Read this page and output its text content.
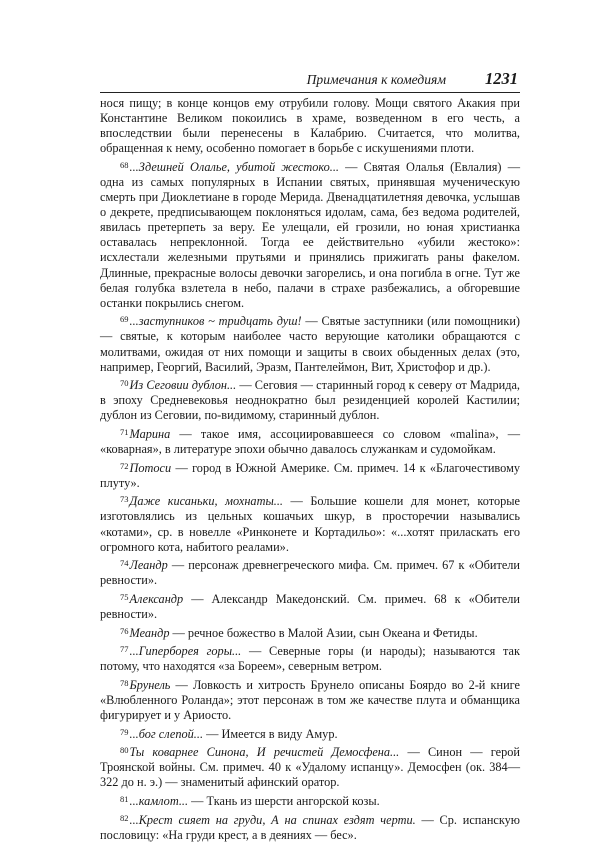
Примечания к комедиям 1231

нося пищу; в конце концов ему отрубили голову. Мощи святого Акакия при Константине Великом покоились в храме, возведенном в его честь, а впоследствии были перенесены в Калабрию. Считается, что молитва, обращенная к нему, особенно помогает в борьбе с искушениями плоти.

$^{68}$...Здешней Олалье, убитой жестоко... — Святая Олалья (Евлалия) — одна из самых популярных в Испании святых, принявшая мученическую смерть при Диоклетиане в городе Мерида. Двенадцатилетняя девочка, услышав о декрете, предписывающем поклоняться идолам, сама, без ведома родителей, явилась претерпеть за веру. Ее улещали, ей грозили, но юная христианка оставалась непреклонной. Тогда ее действительно «убили жестоко»: исхлестали железными прутьями и принялись прижигать раны факелом. Длинные, прекрасные волосы девочки загорелись, и она погибла в огне. Тут же белая голубка взлетела в небо, палачи в страхе разбежались, а обгоревшие останки покрылись снегом.

$^{69}$...заступников ~ тридцать душ! — Святые заступники (или помощники) — святые, к которым наиболее часто верующие католики обращаются с молитвами, ожидая от них помощи и защиты в своих обыденных делах (это, например, Георгий, Василий, Эразм, Пантелеймон, Вит, Христофор и др.).

$^{70}$Из Сеговии дублон... — Сеговия — старинный город к северу от Мадрида, в эпоху Средневековья неоднократно был резиденцией королей Кастилии; дублон из Сеговии, по-видимому, старинный дублон.

$^{71}$Марина — такое имя, ассоциировавшееся со словом «malina», — «коварная», в литературе эпохи обычно давалось служанкам и судомойкам.

$^{72}$Потоси — город в Южной Америке. См. примеч. 14 к «Благочестивому плуту».

$^{73}$Даже кисаньки, мохнаты... — Большие кошели для монет, которые изготовлялись из цельных кошачьих шкур, в просторечии назывались «котами», ср. в новелле «Ринконете и Кортадильо»: «...хотят приласкать его огромного кота, набитого реалами».

$^{74}$Леандр — персонаж древнегреческого мифа. См. примеч. 67 к «Обители ревности».

$^{75}$Александр — Александр Македонский. См. примеч. 68 к «Обители ревности».

$^{76}$Меандр — речное божество в Малой Азии, сын Океана и Фетиды.

$^{77}$...Гиперборея горы... — Северные горы (и народы); называются так потому, что находятся «за Бореем», северным ветром.

$^{78}$Брунель — Ловкость и хитрость Брунело описаны Боярдо во 2-й книге «Влюбленного Роланда»; этот персонаж в том же качестве плута и обманщика фигурирует и у Ариосто.

$^{79}$...бог слепой... — Имеется в виду Амур.

$^{80}$Ты коварнее Синона, И речистей Демосфена... — Синон — герой Троянской войны. См. примеч. 40 к «Удалому испанцу». Демосфен (ок. 384—322 до н. э.) — знаменитый афинский оратор.

$^{81}$...камлот... — Ткань из шерсти ангорской козы.

$^{82}$...Крест сияет на груди, А на спинах ездят черти. — Ср. испанскую пословицу: «На груди крест, а в деяниях — бес».
